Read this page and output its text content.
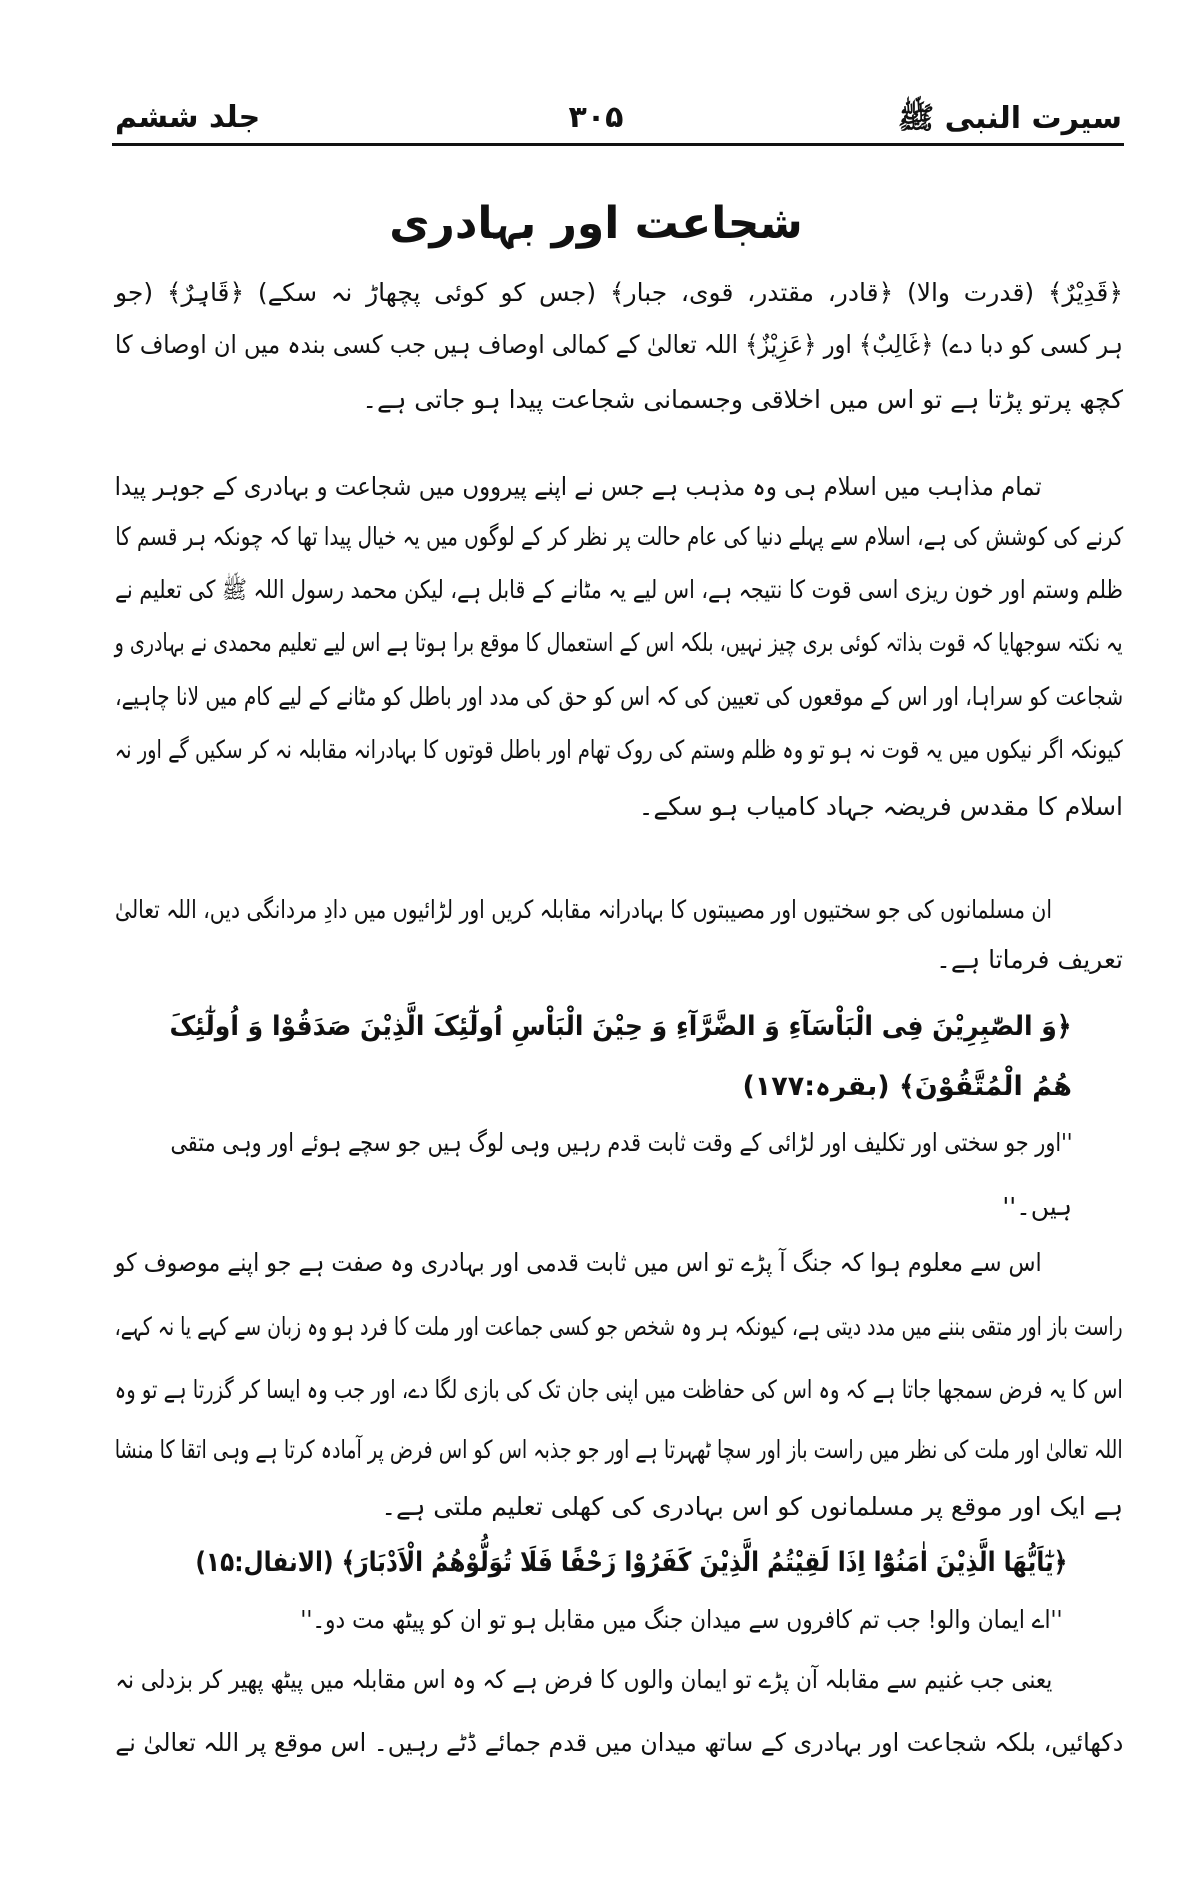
سیرت النبی ﷺ
۳۰۵
جلد ششم
شجاعت اور بہادری
﴿قَدِیْرٌ﴾ (قدرت والا) ﴿قادر، مقتدر، قوی، جبار﴾ (جس کو کوئی پچھاڑ نہ سکے) ﴿قَاہِرٌ﴾ (جو
ہر کسی کو دبا دے) ﴿غَالِبٌ﴾ اور ﴿عَزِیْزٌ﴾ اللہ تعالیٰ کے کمالی اوصاف ہیں جب کسی بندہ میں ان اوصاف کا
کچھ پرتو پڑتا ہے تو اس میں اخلاقی وجسمانی شجاعت پیدا ہو جاتی ہے۔
تمام مذاہب میں اسلام ہی وہ مذہب ہے جس نے اپنے پیرووں میں شجاعت و بہادری کے جوہر پیدا
کرنے کی کوشش کی ہے، اسلام سے پہلے دنیا کی عام حالت پر نظر کر کے لوگوں میں یہ خیال پیدا تھا کہ چونکہ ہر قسم کا
ظلم وستم اور خون ریزی اسی قوت کا نتیجہ ہے، اس لیے یہ مٹانے کے قابل ہے، لیکن محمد رسول اللہ ﷺ کی تعلیم نے
یہ نکتہ سوجھایا کہ قوت بذاتہ کوئی بری چیز نہیں، بلکہ اس کے استعمال کا موقع برا ہوتا ہے اس لیے تعلیم محمدی نے بہادری و
شجاعت کو سراہا، اور اس کے موقعوں کی تعیین کی کہ اس کو حق کی مدد اور باطل کو مٹانے کے لیے کام میں لانا چاہیے،
کیونکہ اگر نیکوں میں یہ قوت نہ ہو تو وہ ظلم وستم کی روک تھام اور باطل قوتوں کا بہادرانہ مقابلہ نہ کر سکیں گے اور نہ
اسلام کا مقدس فریضہ جہاد کامیاب ہو سکے۔
ان مسلمانوں کی جو سختیوں اور مصیبتوں کا بہادرانہ مقابلہ کریں اور لڑائیوں میں دادِ مردانگی دیں، اللہ تعالیٰ
تعریف فرماتا ہے۔
﴿وَ الصّٰبِرِیْنَ فِی الْبَاْسَآءِ وَ الضَّرَّآءِ وَ حِیْنَ الْبَاْسِ اُولٰٓئِکَ الَّذِیْنَ صَدَقُوْا وَ اُولٰٓئِکَ
هُمُ الْمُتَّقُوْنَ﴾ (بقرہ:۱۷۷)
''اور جو سختی اور تکلیف اور لڑائی کے وقت ثابت قدم رہیں وہی لوگ ہیں جو سچے ہوئے اور وہی متقی
ہیں۔''
اس سے معلوم ہوا کہ جنگ آ پڑے تو اس میں ثابت قدمی اور بہادری وہ صفت ہے جو اپنے موصوف کو
راست باز اور متقی بننے میں مدد دیتی ہے، کیونکہ ہر وہ شخص جو کسی جماعت اور ملت کا فرد ہو وہ زبان سے کہے یا نہ کہے،
اس کا یہ فرض سمجھا جاتا ہے کہ وہ اس کی حفاظت میں اپنی جان تک کی بازی لگا دے، اور جب وہ ایسا کر گزرتا ہے تو وہ
اللہ تعالیٰ اور ملت کی نظر میں راست باز اور سچا ٹھہرتا ہے اور جو جذبہ اس کو اس فرض پر آمادہ کرتا ہے وہی اتقا کا منشا
ہے ایک اور موقع پر مسلمانوں کو اس بہادری کی کھلی تعلیم ملتی ہے۔
﴿یٰٓاَیُّهَا الَّذِیْنَ اٰمَنُوْٓا اِذَا لَقِیْتُمُ الَّذِیْنَ كَفَرُوْا زَحْفًا فَلَا تُوَلُّوْهُمُ الْاَدْبَارَ﴾ (الانفال:۱۵)
''اے ایمان والو! جب تم کافروں سے میدان جنگ میں مقابل ہو تو ان کو پیٹھ مت دو۔''
یعنی جب غنیم سے مقابلہ آن پڑے تو ایمان والوں کا فرض ہے کہ وہ اس مقابلہ میں پیٹھ پھیر کر بزدلی نہ
دکھائیں، بلکہ شجاعت اور بہادری کے ساتھ میدان میں قدم جمائے ڈٹے رہیں۔ اس موقع پر اللہ تعالیٰ نے
